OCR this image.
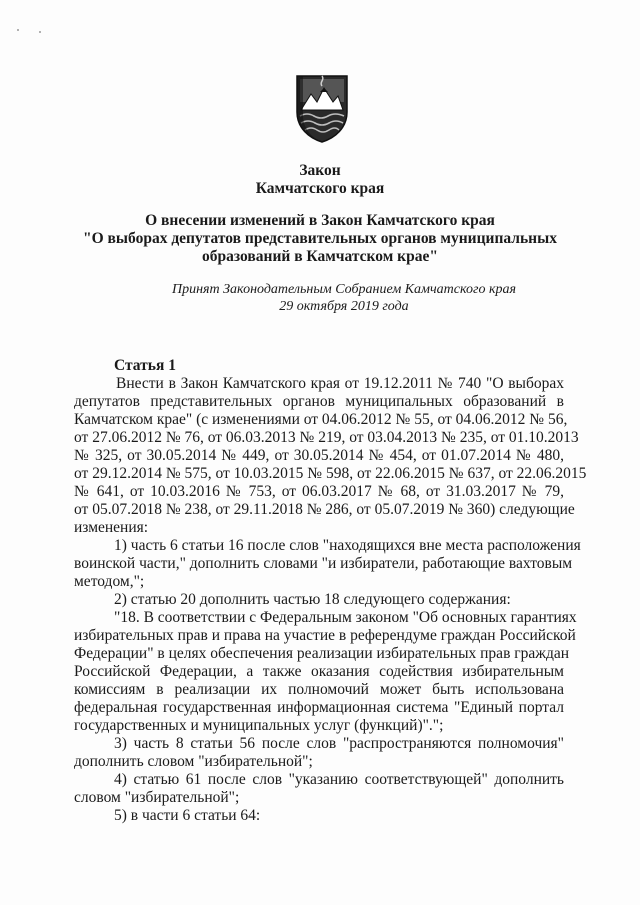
Закон
Камчатского края
О внесении изменений в Закон Камчатского края
"О выборах депутатов представительных органов муниципальных
образований в Камчатском крае"
Принят Законодательным Собранием Камчатского края
29 октября 2019 года
Статья 1
Внести в Закон Камчатского края от 19.12.2011 № 740 "О выборах
депутатов представительных органов муниципальных образований в
Камчатском крае" (с изменениями от 04.06.2012 № 55, от 04.06.2012 № 56,
от 27.06.2012 № 76, от 06.03.2013 № 219, от 03.04.2013 № 235, от 01.10.2013
№ 325, от 30.05.2014 № 449, от 30.05.2014 № 454, от 01.07.2014 № 480,
от 29.12.2014 № 575, от 10.03.2015 № 598, от 22.06.2015 № 637, от 22.06.2015
№ 641, от 10.03.2016 № 753, от 06.03.2017 № 68, от 31.03.2017 № 79,
от 05.07.2018 № 238, от 29.11.2018 № 286, от 05.07.2019 № 360) следующие
изменения:
1) часть 6 статьи 16 после слов "находящихся вне места расположения
воинской части," дополнить словами "и избиратели, работающие вахтовым
методом,";
2) статью 20 дополнить частью 18 следующего содержания:
"18. В соответствии с Федеральным законом "Об основных гарантиях
избирательных прав и права на участие в референдуме граждан Российской
Федерации" в целях обеспечения реализации избирательных прав граждан
Российской Федерации, а также оказания содействия избирательным
комиссиям в реализации их полномочий может быть использована
федеральная государственная информационная система "Единый портал
государственных и муниципальных услуг (функций)".";
3) часть 8 статьи 56 после слов "распространяются полномочия"
дополнить словом "избирательной";
4) статью 61 после слов "указанию соответствующей" дополнить
словом "избирательной";
5) в части 6 статьи 64:
